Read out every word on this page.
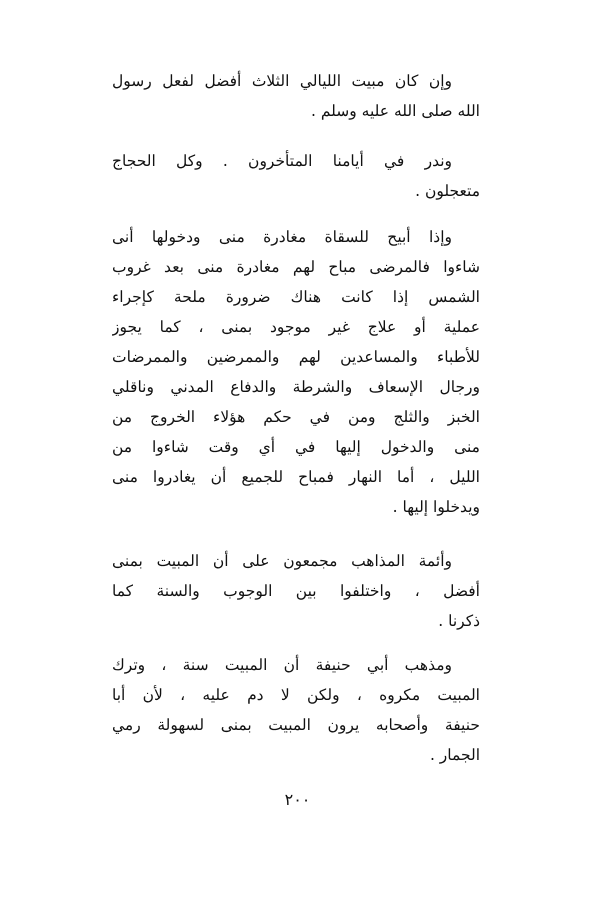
وإن كان مبيت الليالي الثلاث أفضل لفعل رسول
الله صلى الله عليه وسلم .
وندر في أيامنا المتأخرون . وكل الحجاج
متعجلون .
وإذا أبيح للسقاة مغادرة منى ودخولها أنى
شاءوا فالمرضى مباح لهم مغادرة منى بعد غروب
الشمس إذا كانت هناك ضرورة ملحة كإجراء
عملية أو علاج غير موجود بمنى ، كما يجوز
للأطباء والمساعدين لهم والممرضين والممرضات
ورجال الإسعاف والشرطة والدفاع المدني وناقلي
الخبز والثلج ومن في حكم هؤلاء الخروج من
منى والدخول إليها في أي وقت شاءوا من
الليل ، أما النهار فمباح للجميع أن يغادروا منى
ويدخلوا إليها .
وأئمة المذاهب مجمعون على أن المبيت بمنى
أفضل ، واختلفوا بين الوجوب والسنة كما
ذكرنا .
ومذهب أبي حنيفة أن المبيت سنة ، وترك
المبيت مكروه ، ولكن لا دم عليه ، لأن أبا
حنيفة وأصحابه يرون المبيت بمنى لسهولة رمي
الجمار .
٢٠٠
